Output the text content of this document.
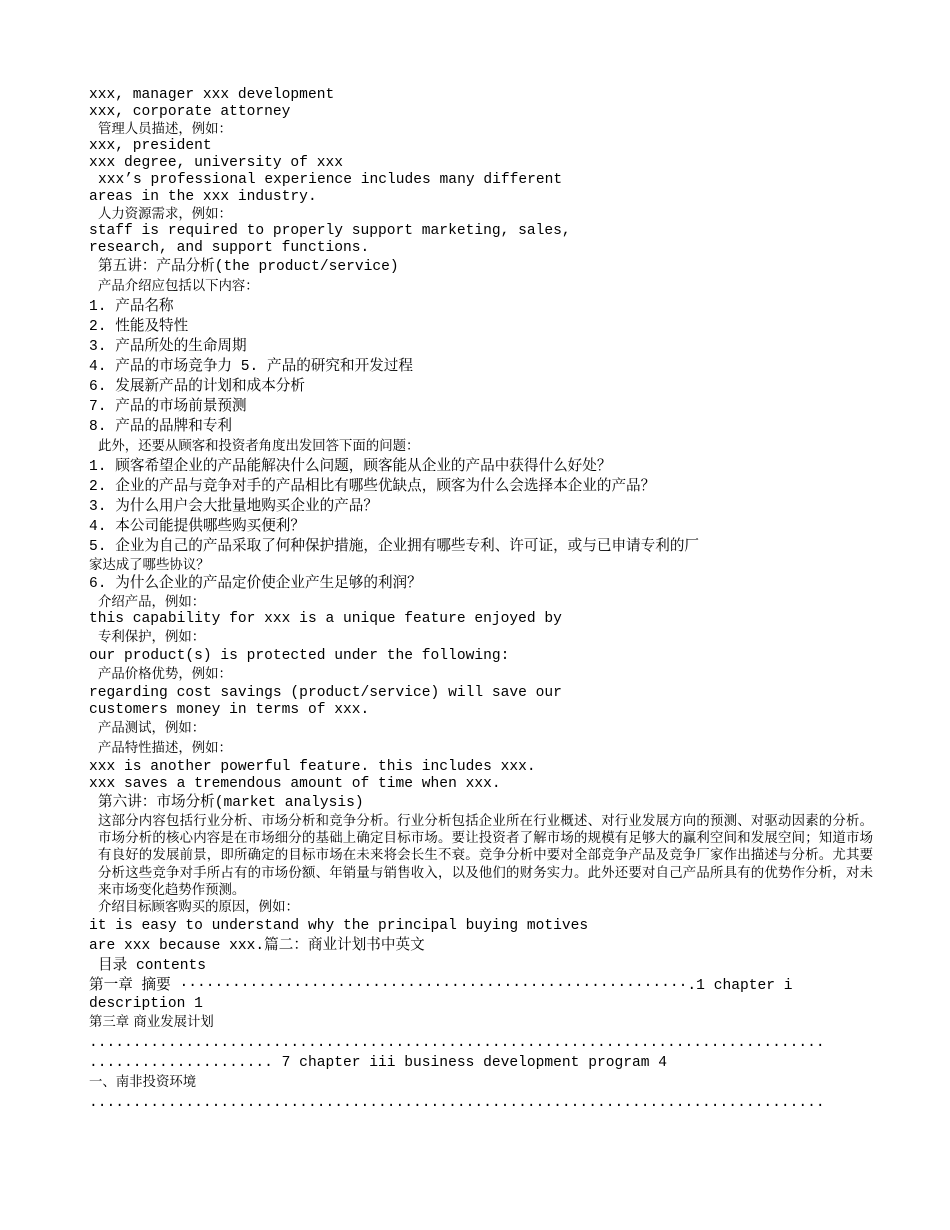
xxx, manager xxx development
xxx, corporate attorney
管理人员描述，例如：
xxx, president
xxx degree, university of xxx
xxx’s professional experience includes many different
areas in the xxx industry.
人力资源需求，例如：
staff is required to properly support marketing, sales,
research, and support functions.
第五讲：产品分析(the product/service)
产品介绍应包括以下内容：
1. 产品名称
2. 性能及特性
3. 产品所处的生命周期
4. 产品的市场竞争力 5. 产品的研究和开发过程
6. 发展新产品的计划和成本分析
7. 产品的市场前景预测
8. 产品的品牌和专利
此外，还要从顾客和投资者角度出发回答下面的问题：
1. 顾客希望企业的产品能解决什么问题，顾客能从企业的产品中获得什么好处？
2. 企业的产品与竞争对手的产品相比有哪些优缺点，顾客为什么会选择本企业的产品？
3. 为什么用户会大批量地购买企业的产品？
4. 本公司能提供哪些购买便利？
5. 企业为自己的产品采取了何种保护措施，企业拥有哪些专利、许可证，或与已申请专利的厂
家达成了哪些协议？
6. 为什么企业的产品定价使企业产生足够的利润？
介绍产品，例如：
this capability for xxx is a unique feature enjoyed by
专利保护，例如：
our product(s) is protected under the following:
产品价格优势，例如：
regarding cost savings (product/service) will save our
customers money in terms of xxx.
产品测试，例如：
产品特性描述，例如：
xxx is another powerful feature. this includes xxx.
xxx saves a tremendous amount of time when xxx.
第六讲：市场分析(market analysis)
这部分内容包括行业分析、市场分析和竞争分析。行业分析包括企业所在行业概述、对行业发展方向的预测、对驱动因素的分析。市场分析的核心内容是在市场细分的基础上确定目标市场。要让投资者了解市场的规模有足够大的赢利空间和发展空间；知道市场有良好的发展前景，即所确定的目标市场在未来将会长生不衰。竞争分析中要对全部竞争产品及竞争厂家作出描述与分析。尤其要分析这些竞争对手所占有的市场份额、年销量与销售收入，以及他们的财务实力。此外还要对自己产品所具有的优势作分析，对未来市场变化趋势作预测。
介绍目标顾客购买的原因，例如：
it is easy to understand why the principal buying motives
are xxx because xxx.篇二：商业计划书中英文
目录 contents
第一章 摘要 ··························································.1 chapter i
description 1
第三章 商业发展计划
....................................................................................
..................... 7 chapter iii business development program 4
一、南非投资环境
....................................................................................
